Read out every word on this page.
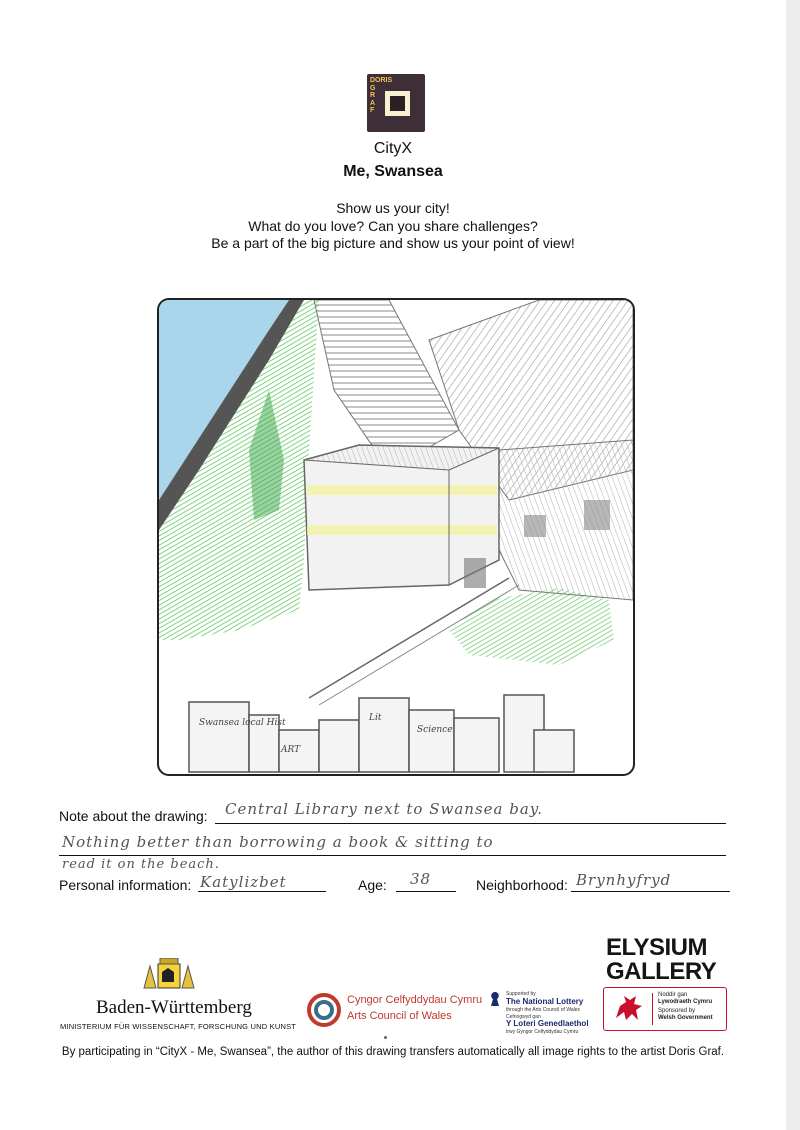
DORIS
G
R
A
F
CityX
Me, Swansea
Show us your city!
What do you love? Can you share challenges?
Be a part of the big picture and show us your point of view!
Swansea local Hist	Lit
ART
Science
Note about the drawing: Central Library next to Swansea bay.
Nothing better than borrowing a book & sitting to
read it on the beach.
Personal information: Katylizbet	Age: 38	Neighborhood: Brynhyfryd
Baden-Württemberg
MINISTERIUM FÜR WISSENSCHAFT, FORSCHUNG UND KUNST
Cyngor Celfyddydau Cymru
Arts Council of Wales
Supported by
The National Lottery
through the Arts Council of Wales
Cefnogwyd gan
Y Loteri Genedlaethol
trwy Gyngor Celfyddydau Cymru
ELYSIUM
GALLERY
Noddir gan
Lywodraeth Cymru
Sponsored by
Welsh Government
By participating in “CityX - Me, Swansea”, the author of this drawing transfers automatically all image rights to the artist Doris Graf.
